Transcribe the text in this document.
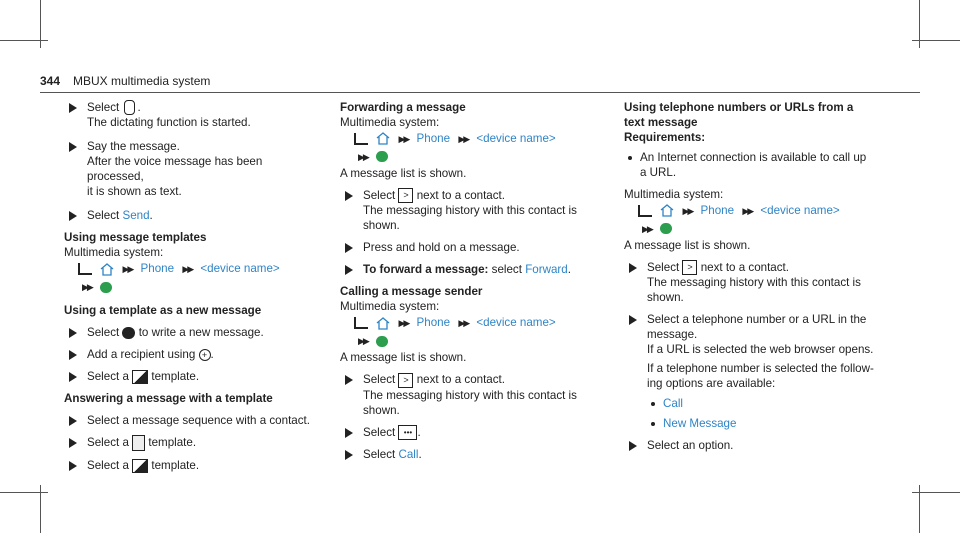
344 MBUX multimedia system
Select .
The dictating function is started.
Say the message.
After the voice message has been processed,
it is shown as text.
Select Send.
Using message templates
Multimedia system:
▶▶ Phone ▶▶ <device name>
▶▶
Using a template as a new message
Select to write a new message.
Add a recipient using + .
Select a template.
Answering a message with a template
Select a message sequence with a contact.
Select a template.
Select a template.
Forwarding a message
Multimedia system:
▶▶ Phone ▶▶ <device name>
▶▶
A message list is shown.
Select > next to a contact.
The messaging history with this contact is
shown.
Press and hold on a message.
To forward a message: select Forward.
Calling a message sender
Multimedia system:
▶▶ Phone ▶▶ <device name>
▶▶
A message list is shown.
Select > next to a contact.
The messaging history with this contact is
shown.
Select ••• .
Select Call.
Using telephone numbers or URLs from a
text message
Requirements:
An Internet connection is available to call up
a URL.
Multimedia system:
▶▶ Phone ▶▶ <device name>
▶▶
A message list is shown.
Select > next to a contact.
The messaging history with this contact is
shown.
Select a telephone number or a URL in the
message.
If a URL is selected the web browser opens.
If a telephone number is selected the follow-
ing options are available:
Call
New Message
Select an option.
